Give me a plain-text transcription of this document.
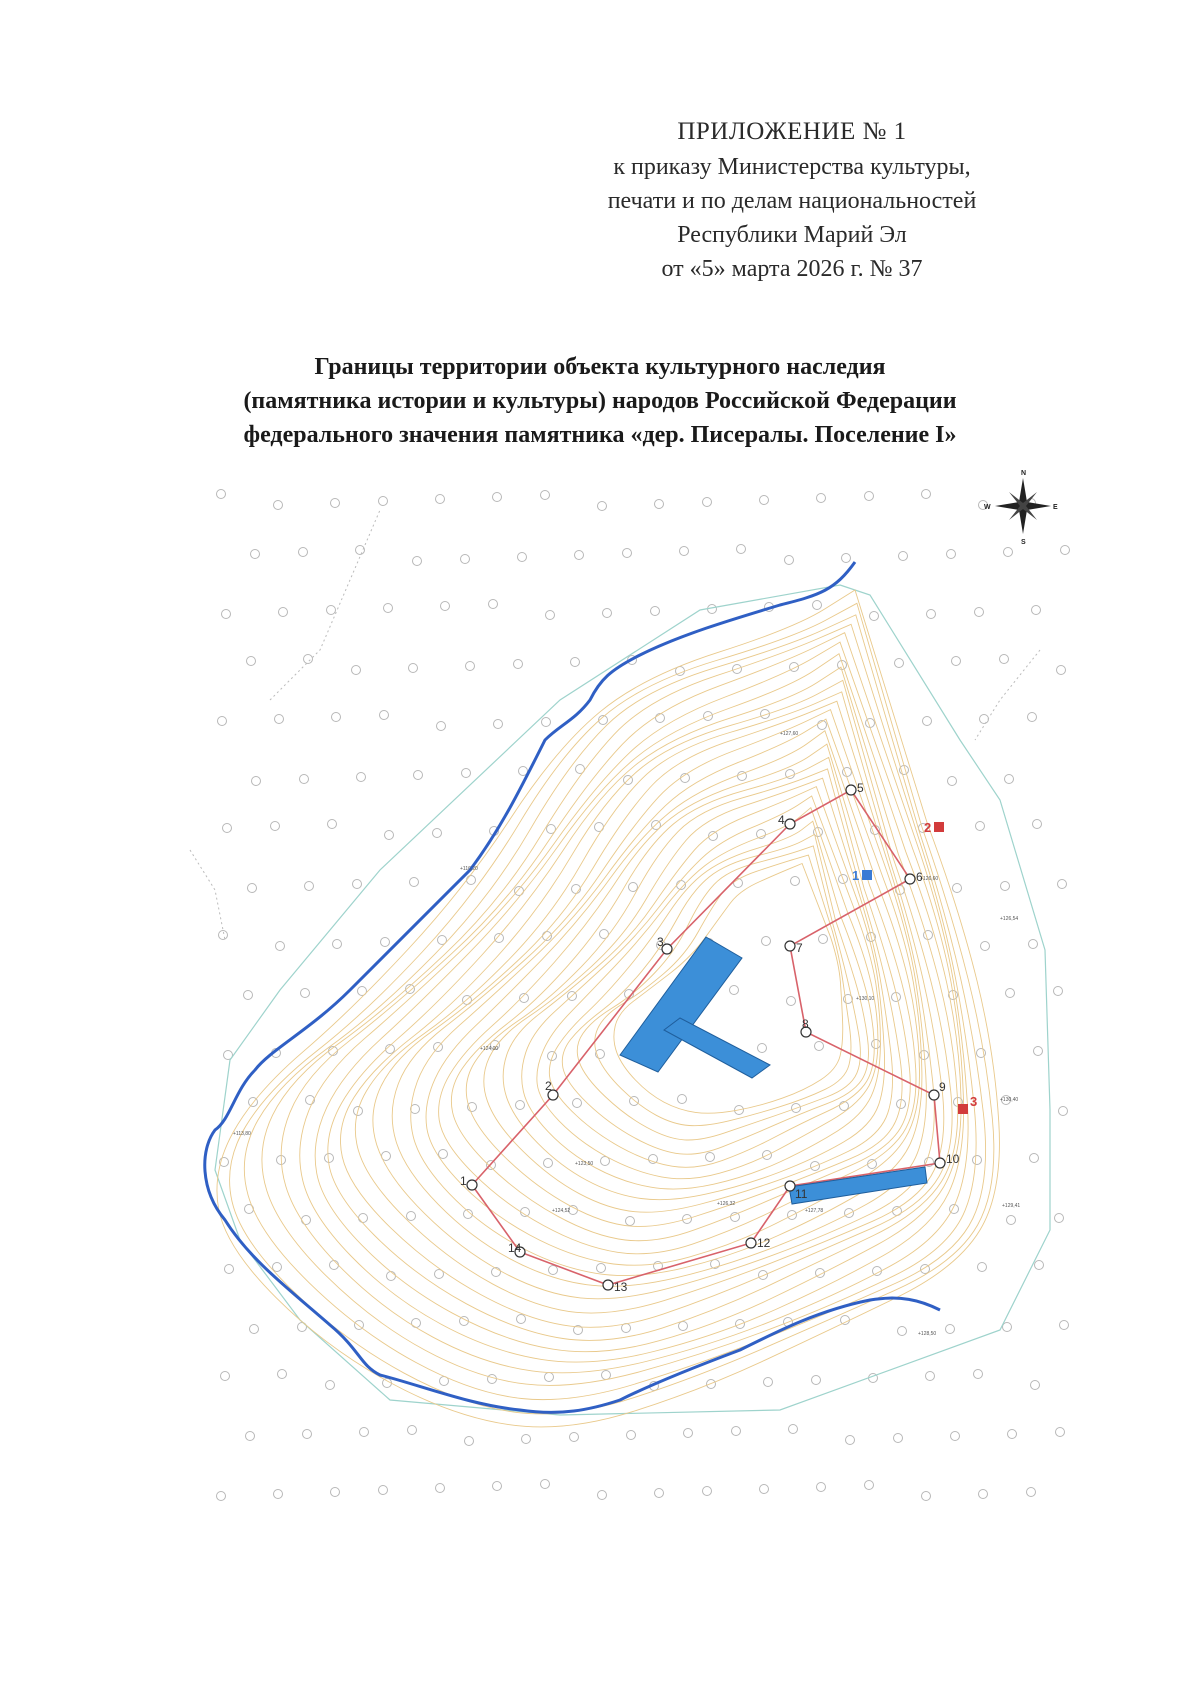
ПРИЛОЖЕНИЕ № 1
к приказу Министерства культуры,
печати и по делам национальностей
Республики Марий Эл
от «5» марта 2026 г. № 37
Границы территории объекта культурного наследия
(памятника истории и культуры) народов Российской Федерации
федерального значения памятника «дер. Писералы. Поселение I»
+127,60
+116,20
+124,00
+113,80
+126,60
+123,50
+124,52
+126,32
+127,78
+129,41
+128,50
+126,54
+130,10
+130,40
1
2
3
4
5
6
7
8
9
10
11
12
13
14
1
2
3
N
S
E
W
